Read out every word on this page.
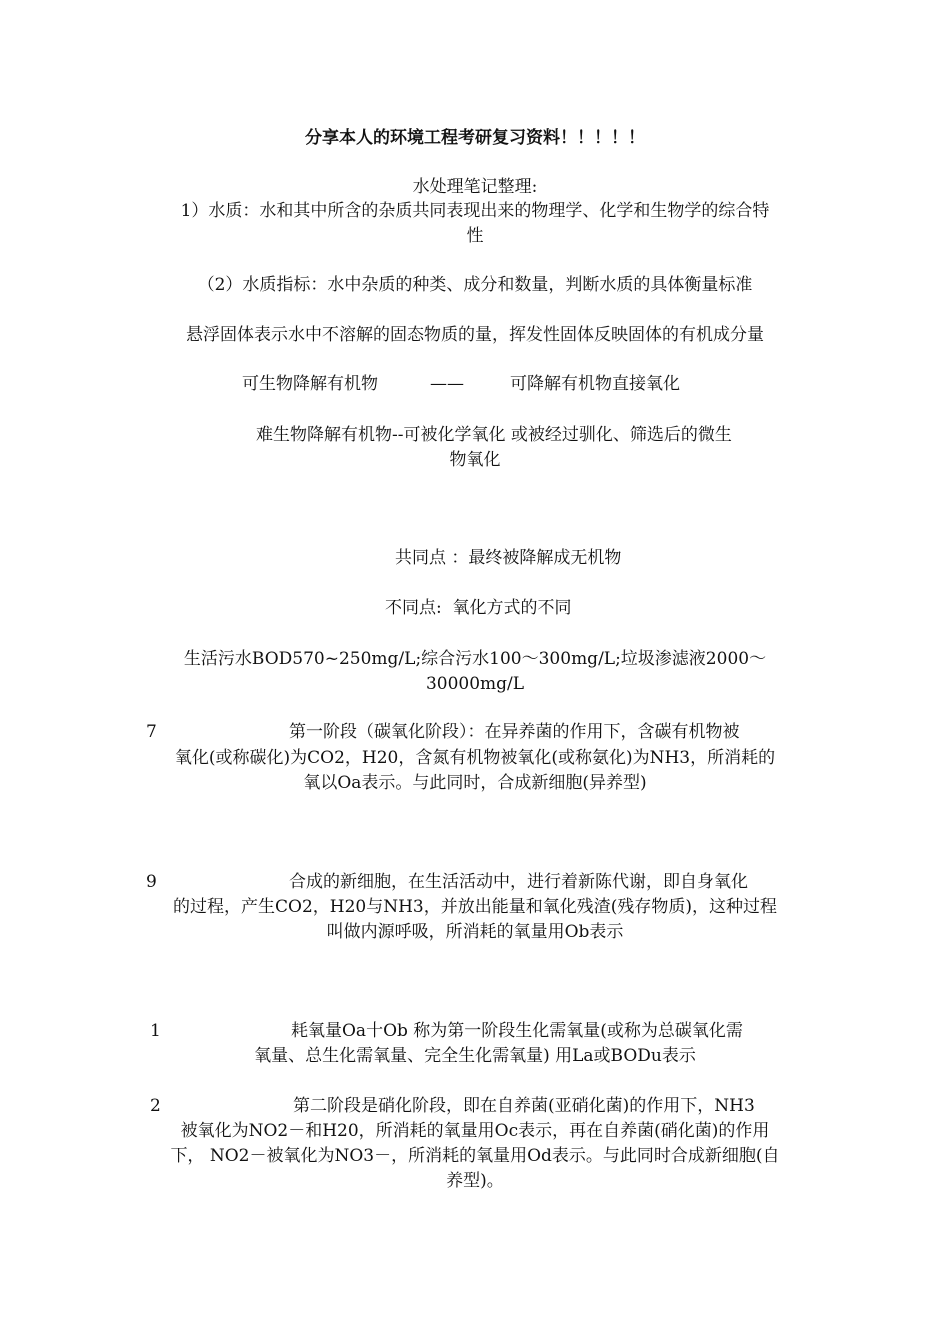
分享本人的环境工程考研复习资料！！！！！
水处理笔记整理:
1）水质：水和其中所含的杂质共同表现出来的物理学、化学和生物学的综合特
性
（2）水质指标：水中杂质的种类、成分和数量，判断水质的具体衡量标准
悬浮固体表示水中不溶解的固态物质的量，挥发性固体反映固体的有机成分量
可生物降解有机物	——	可降解有机物直接氧化
难生物降解有机物--可被化学氧化 或被经过驯化、筛选后的微生
物氧化
共同点 ：最终被降解成无机物
不同点:  氧化方式的不同
生活污水BOD570~250mg/L;综合污水100～300mg/L;垃圾渗滤液2000～
30000mg/L
7	第一阶段（碳氧化阶段）：在异养菌的作用下，含碳有机物被
氧化(或称碳化)为CO2，H20，含氮有机物被氧化(或称氨化)为NH3，所消耗的
氧以Oa表示。与此同时，合成新细胞(异养型)
9	合成的新细胞，在生活活动中，进行着新陈代谢，即自身氧化
的过程，产生CO2，H20与NH3，并放出能量和氧化残渣(残存物质)，这种过程
叫做内源呼吸，所消耗的氧量用Ob表示
1	耗氧量Oa十Ob 称为第一阶段生化需氧量(或称为总碳氧化需
氧量、总生化需氧量、完全生化需氧量) 用La或BODu表示
2	第二阶段是硝化阶段，即在自养菌(亚硝化菌)的作用下，NH3
被氧化为NO2－和H20，所消耗的氧量用Oc表示，再在自养菌(硝化菌)的作用
下， NO2－被氧化为NO3－，所消耗的氧量用Od表示。与此同时合成新细胞(自
养型)。
